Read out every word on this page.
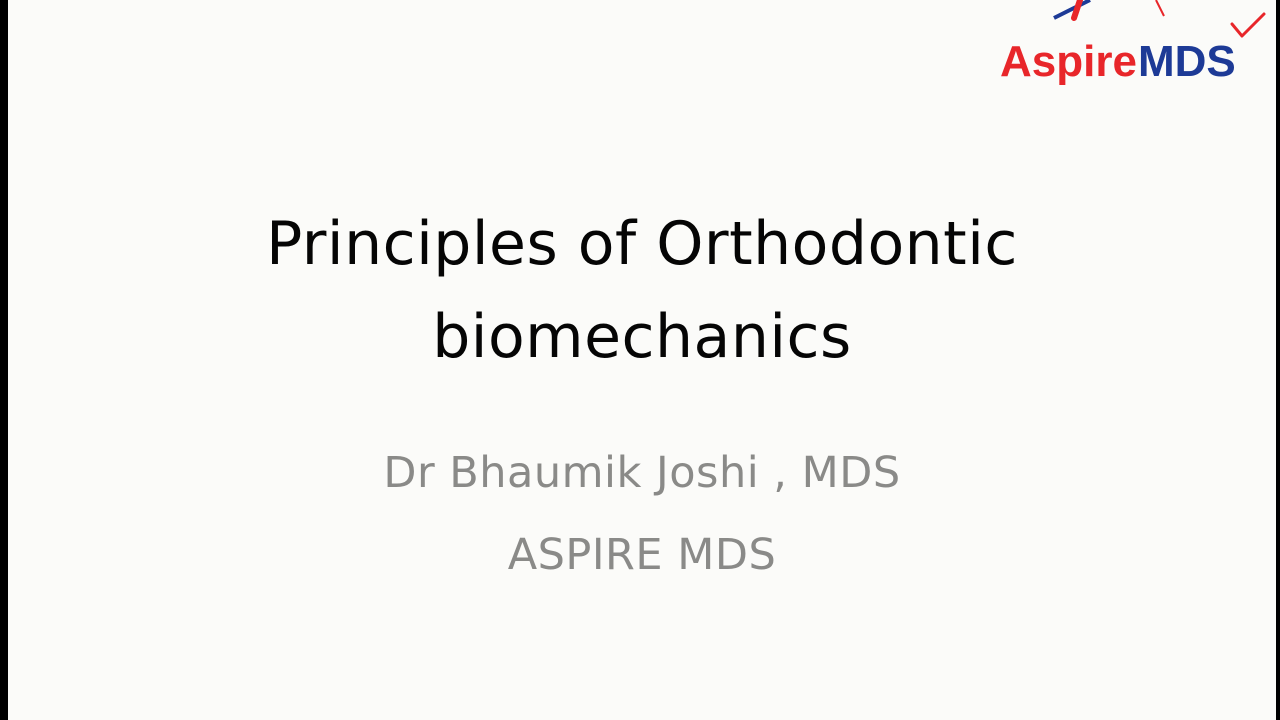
Aspire MDS
Principles of Orthodontic
biomechanics
Dr Bhaumik Joshi , MDS
ASPIRE MDS
